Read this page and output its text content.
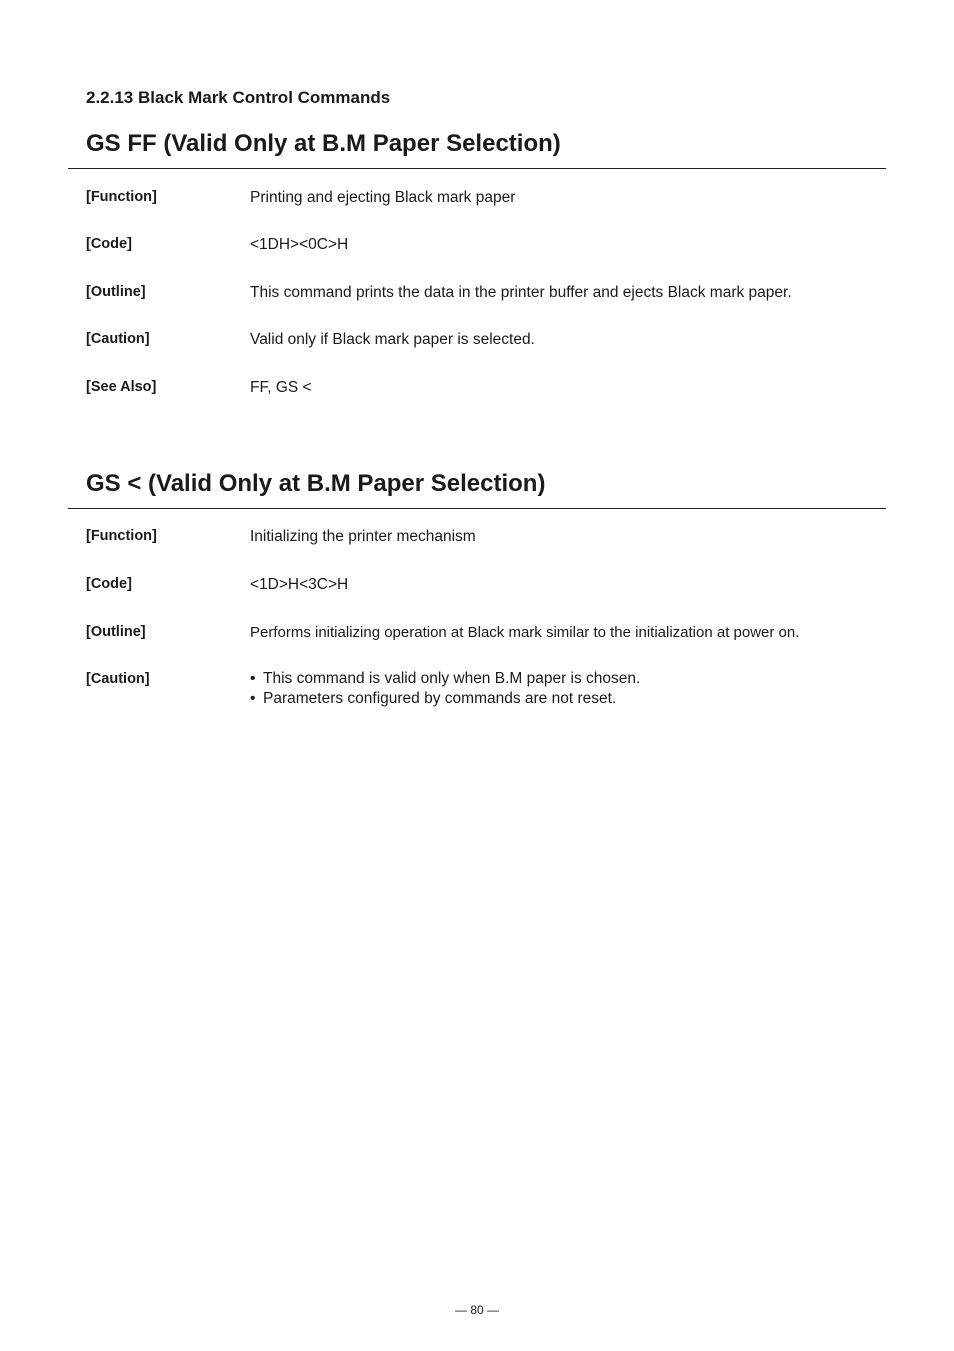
2.2.13 Black Mark Control Commands
GS FF (Valid Only at B.M Paper Selection)
[Function]	Printing and ejecting Black mark paper
[Code]	<1DH><0C>H
[Outline]	This command prints the data in the printer buffer and ejects Black mark paper.
[Caution]	Valid only if Black mark paper is selected.
[See Also]	FF, GS <
GS < (Valid Only at B.M Paper Selection)
[Function]	Initializing the printer mechanism
[Code]	<1D>H<3C>H
[Outline]	Performs initializing operation at Black mark similar to the initialization at power on.
[Caution]
•	This command is valid only when B.M paper is chosen.
• Parameters configured by commands are not reset.
— 80 —
